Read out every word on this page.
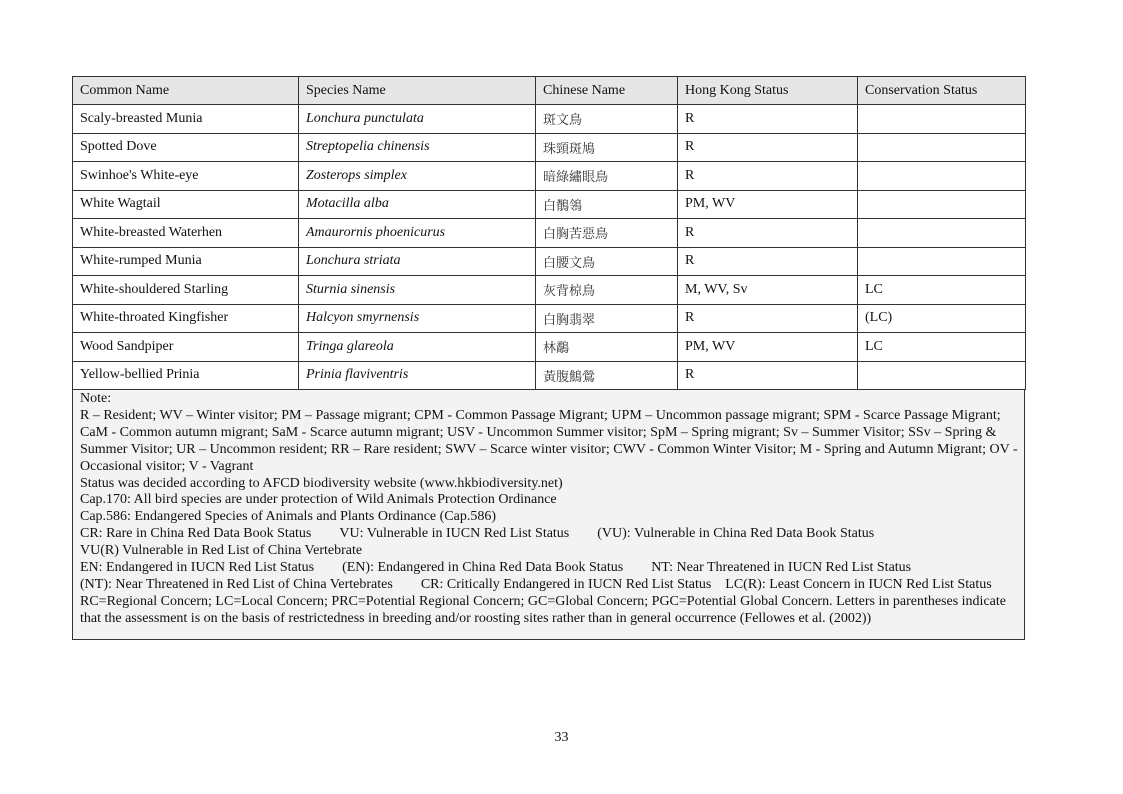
Common Name	Species Name	Chinese Name	Hong Kong Status	Conservation Status
Scaly-breasted Munia	Lonchura punctulata	斑文鳥	R	
Spotted Dove	Streptopelia chinensis	珠頸斑鳩	R	
Swinhoe's White-eye	Zosterops simplex	暗綠繡眼鳥	R	
White Wagtail	Motacilla alba	白鶺鴒	PM, WV	
White-breasted Waterhen	Amaurornis phoenicurus	白胸苦惡鳥	R	
White-rumped Munia	Lonchura striata	白腰文鳥	R	
White-shouldered Starling	Sturnia sinensis	灰背椋鳥	M, WV, Sv	LC
White-throated Kingfisher	Halcyon smyrnensis	白胸翡翠	R	(LC)
Wood Sandpiper	Tringa glareola	林鷸	PM, WV	LC
Yellow-bellied Prinia	Prinia flaviventris	黃腹鷦鶯	R	
Note:
R – Resident; WV – Winter visitor; PM – Passage migrant; CPM - Common Passage Migrant; UPM – Uncommon passage migrant; SPM - Scarce Passage Migrant; CaM - Common autumn migrant; SaM - Scarce autumn migrant; USV - Uncommon Summer visitor; SpM – Spring migrant; Sv – Summer Visitor; SSv – Spring & Summer Visitor; UR – Uncommon resident; RR – Rare resident; SWV – Scarce winter visitor; CWV - Common Winter Visitor; M - Spring and Autumn Migrant; OV - Occasional visitor; V - Vagrant
Status was decided according to AFCD biodiversity website (www.hkbiodiversity.net)
Cap.170: All bird species are under protection of Wild Animals Protection Ordinance
Cap.586: Endangered Species of Animals and Plants Ordinance (Cap.586)
CR: Rare in China Red Data Book Status VU: Vulnerable in IUCN Red List Status (VU): Vulnerable in China Red Data Book Status
VU(R) Vulnerable in Red List of China Vertebrate
EN: Endangered in IUCN Red List Status (EN): Endangered in China Red Data Book Status NT: Near Threatened in IUCN Red List Status
(NT): Near Threatened in Red List of China Vertebrates CR: Critically Endangered in IUCN Red List Status LC(R): Least Concern in IUCN Red List Status
RC=Regional Concern; LC=Local Concern; PRC=Potential Regional Concern; GC=Global Concern; PGC=Potential Global Concern. Letters in parentheses indicate that the assessment is on the basis of restrictedness in breeding and/or roosting sites rather than in general occurrence (Fellowes et al. (2002))
33
